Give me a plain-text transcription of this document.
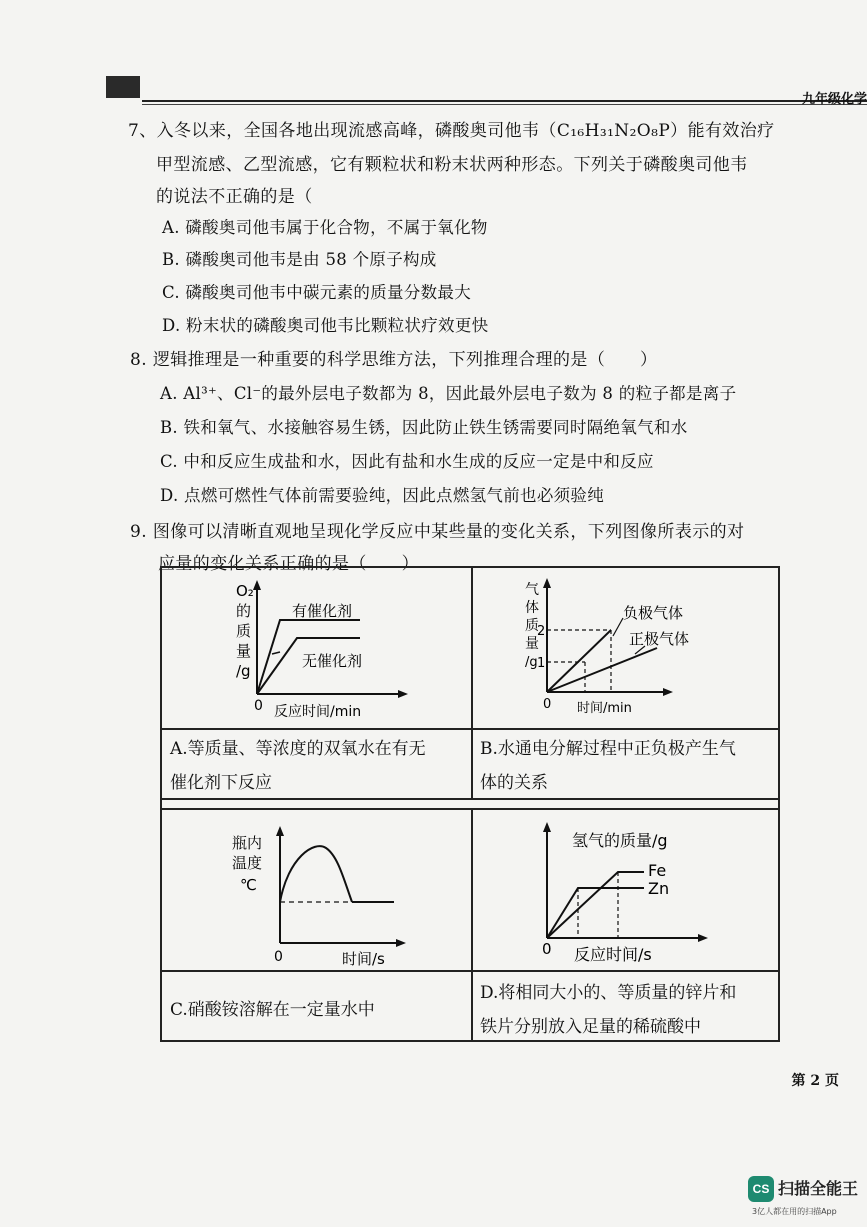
九年级化学
7、入冬以来，全国各地出现流感高峰，磷酸奥司他韦（C₁₆H₃₁N₂O₈P）能有效治疗
甲型流感、乙型流感，它有颗粒状和粉末状两种形态。下列关于磷酸奥司他韦
的说法不正确的是（
A. 磷酸奥司他韦属于化合物，不属于氧化物
B. 磷酸奥司他韦是由 58 个原子构成
C. 磷酸奥司他韦中碳元素的质量分数最大
D. 粉末状的磷酸奥司他韦比颗粒状疗效更快
8. 逻辑推理是一种重要的科学思维方法，下列推理合理的是（　　）
A. Al³⁺、Cl⁻的最外层电子数都为 8，因此最外层电子数为 8 的粒子都是离子
B. 铁和氧气、水接触容易生锈，因此防止铁生锈需要同时隔绝氧气和水
C. 中和反应生成盐和水，因此有盐和水生成的反应一定是中和反应
D. 点燃可燃性气体前需要验纯，因此点燃氢气前也必须验纯
9. 图像可以清晰直观地呈现化学反应中某些量的变化关系，下列图像所表示的对
应量的变化关系正确的是（　　）
O₂
的
质
量
/g
0 反应时间/min
有催化剂
无催化剂
A.等质量、等浓度的双氧水在有无
催化剂下反应
气
体
质
量
/g
2
1
0 时间/min
负极气体
正极气体
B.水通电分解过程中正负极产生气
体的关系
瓶内
温度
℃
0	时间/s
C.硝酸铵溶解在一定量水中
氢气的质量/g
Fe
Zn
0 反应时间/s
D.将相同大小的、等质量的锌片和
铁片分别放入足量的稀硫酸中
第 2 页
CS 扫描全能王
3亿人都在用的扫描App
